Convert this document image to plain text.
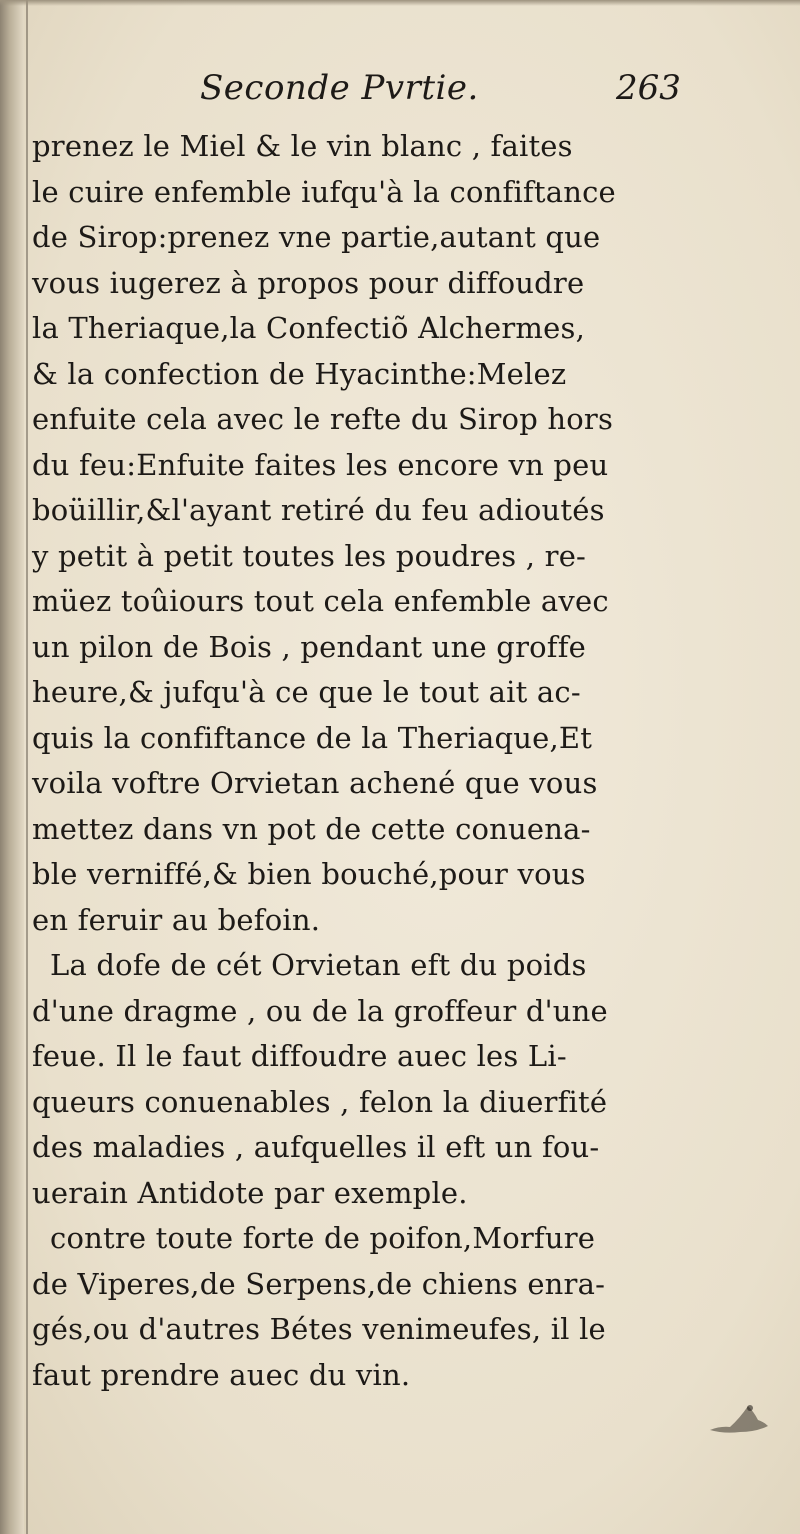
Seconde Pvrtie.	263
prenez le Miel & le vin blanc , faites
le cuire enfemble iufqu'à la confiftance
de Sirop:prenez vne partie,autant que
vous iugerez à propos pour diffoudre
la Theriaque,la Confectiõ Alchermes,
& la confection de Hyacinthe:Melez
enfuite cela avec le refte du Sirop hors
du feu:Enfuite faites les encore vn peu
boüillir,&l'ayant retiré du feu adioutés
y petit à petit toutes les poudres , re-
müez toûiours tout cela enfemble avec
un pilon de Bois , pendant une groffe
heure,& jufqu'à ce que le tout ait ac-
quis la confiftance de la Theriaque,Et
voila voftre Orvietan achené que vous
mettez dans vn pot de cette conuena-
ble verniffé,& bien bouché,pour vous
en feruir au befoin.
La dofe de cét Orvietan eft du poids
d'une dragme , ou de la groffeur d'une
feue. Il le faut diffoudre auec les Li-
queurs conuenables , felon la diuerfité
des maladies , aufquelles il eft un fou-
uerain Antidote par exemple.
contre toute forte de poifon,Morfure
de Viperes,de Serpens,de chiens enra-
gés,ou d'autres Bétes venimeufes, il le
faut prendre auec du vin.
